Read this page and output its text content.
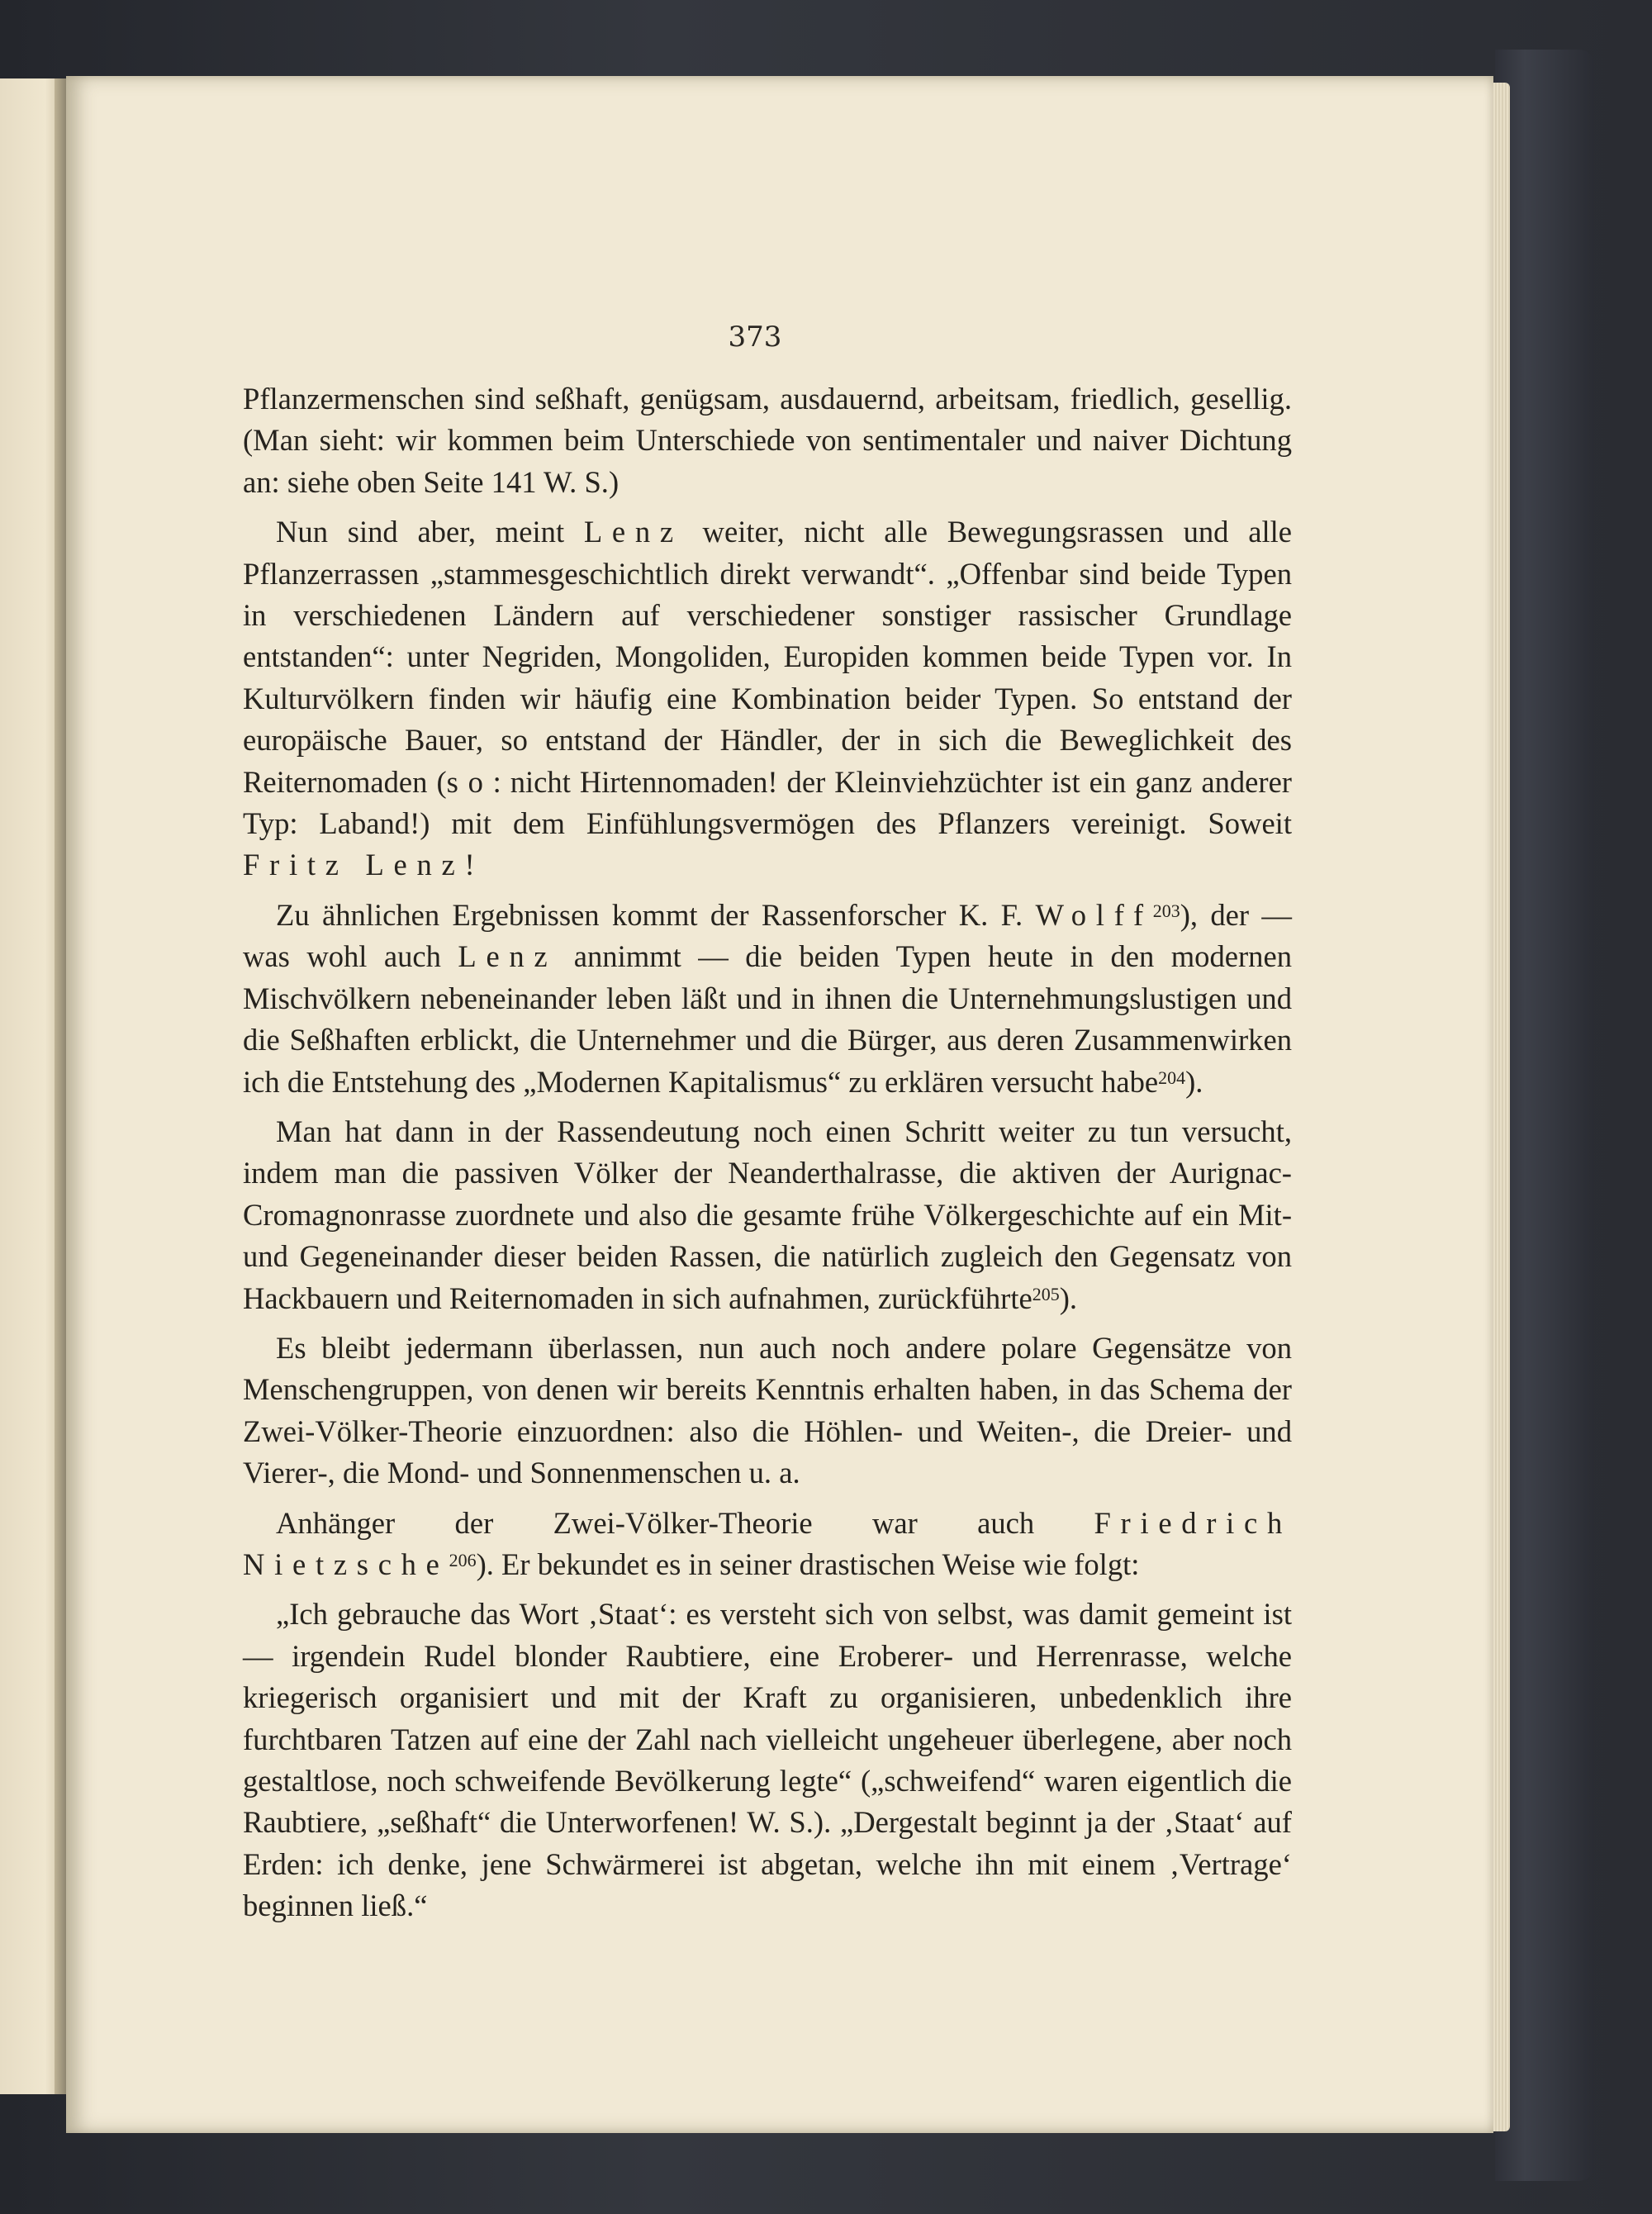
373

Pflanzermenschen sind seßhaft, genügsam, ausdauernd, arbeitsam, friedlich, gesellig. (Man sieht: wir kommen beim Unterschiede von sentimentaler und naiver Dichtung an: siehe oben Seite 141 W. S.)

Nun sind aber, meint Lenz weiter, nicht alle Bewegungsrassen und alle Pflanzerrassen „stammesgeschichtlich direkt verwandt“. „Offenbar sind beide Typen in verschiedenen Ländern auf verschiedener sonstiger rassischer Grundlage entstanden“: unter Negriden, Mongoliden, Europiden kommen beide Typen vor. In Kulturvölkern finden wir häufig eine Kombination beider Typen. So entstand der europäische Bauer, so entstand der Händler, der in sich die Beweglichkeit des Reiternomaden (so: nicht Hirtennomaden! der Kleinviehzüchter ist ein ganz anderer Typ: Laband!) mit dem Einfühlungsvermögen des Pflanzers vereinigt. Soweit Fritz Lenz!

Zu ähnlichen Ergebnissen kommt der Rassenforscher K. F. Wolff$^{203}$), der — was wohl auch Lenz annimmt — die beiden Typen heute in den modernen Mischvölkern nebeneinander leben läßt und in ihnen die Unternehmungslustigen und die Seßhaften erblickt, die Unternehmer und die Bürger, aus deren Zusammenwirken ich die Entstehung des „Modernen Kapitalismus“ zu erklären versucht habe$^{204}$).

Man hat dann in der Rassendeutung noch einen Schritt weiter zu tun versucht, indem man die passiven Völker der Neanderthalrasse, die aktiven der Aurignac-Cromagnonrasse zuordnete und also die gesamte frühe Völkergeschichte auf ein Mit- und Gegeneinander dieser beiden Rassen, die natürlich zugleich den Gegensatz von Hackbauern und Reiternomaden in sich aufnahmen, zurückführte$^{205}$).

Es bleibt jedermann überlassen, nun auch noch andere polare Gegensätze von Menschengruppen, von denen wir bereits Kenntnis erhalten haben, in das Schema der Zwei-Völker-Theorie einzuordnen: also die Höhlen- und Weiten-, die Dreier- und Vierer-, die Mond- und Sonnenmenschen u. a.

Anhänger der Zwei-Völker-Theorie war auch Friedrich Nietzsche$^{206}$). Er bekundet es in seiner drastischen Weise wie folgt:

„Ich gebrauche das Wort ‚Staat‘: es versteht sich von selbst, was damit gemeint ist — irgendein Rudel blonder Raubtiere, eine Eroberer- und Herrenrasse, welche kriegerisch organisiert und mit der Kraft zu organisieren, unbedenklich ihre furchtbaren Tatzen auf eine der Zahl nach vielleicht ungeheuer überlegene, aber noch gestaltlose, noch schweifende Bevölkerung legte“ („schweifend“ waren eigentlich die Raubtiere, „seßhaft“ die Unterworfenen! W. S.). „Dergestalt beginnt ja der ‚Staat‘ auf Erden: ich denke, jene Schwärmerei ist abgetan, welche ihn mit einem ‚Vertrage‘ beginnen ließ.“
